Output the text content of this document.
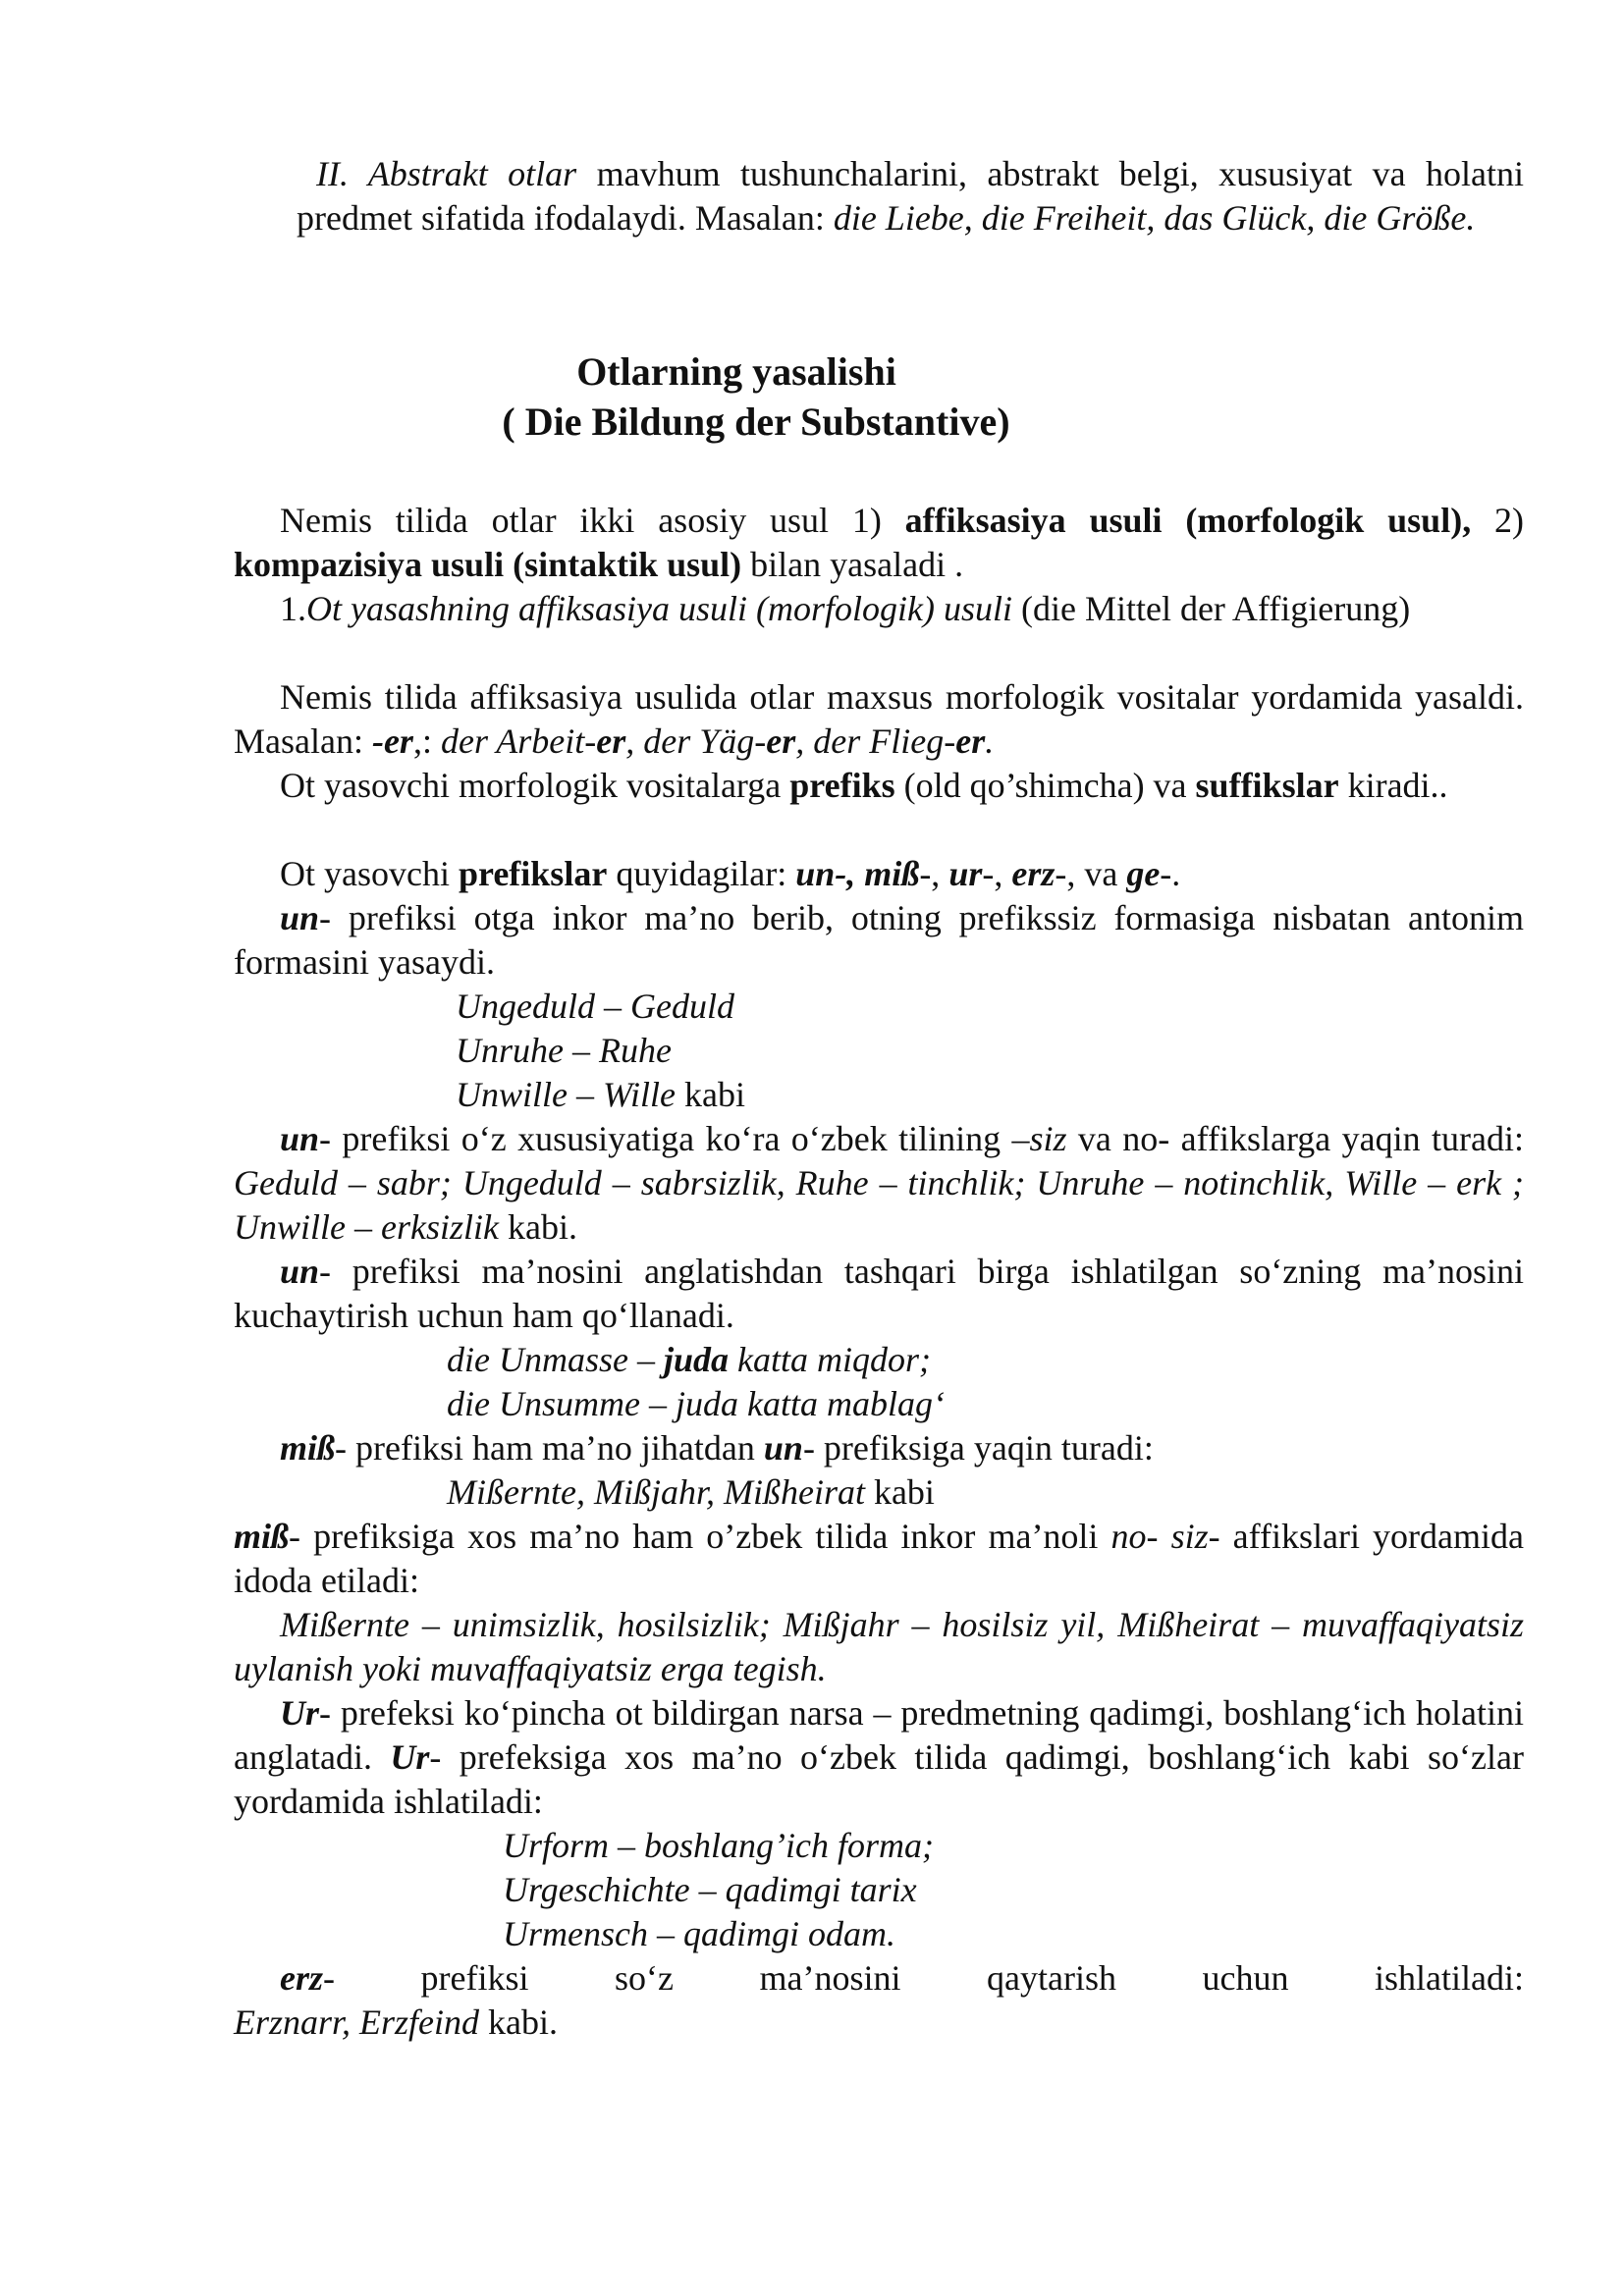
II. Abstrakt otlar mavhum tushunchalarini, abstrakt belgi, xususiyat va holatni predmet sifatida ifodalaydi. Masalan: die Liebe, die Freiheit, das Glück, die Größe.

Otlarning yasalishi
( Die Bildung der Substantive)

Nemis tilida otlar ikki asosiy usul 1) affiksasiya usuli (morfologik usul), 2) kompazisiya usuli (sintaktik usul) bilan yasaladi .

1.Ot yasashning affiksasiya usuli (morfologik) usuli (die Mittel der Affigierung)

Nemis tilida affiksasiya usulida otlar maxsus morfologik vositalar yordamida yasaldi. Masalan: -er,: der Arbeit-er, der Yäg-er, der Flieg-er.

Ot yasovchi morfologik vositalarga prefiks (old qo’shimcha) va suffikslar kiradi..

Ot yasovchi prefikslar quyidagilar: un-, miß-, ur-, erz-, va ge-.

un- prefiksi otga inkor ma’no berib, otning prefikssiz formasiga nisbatan antonim formasini yasaydi.

Ungeduld – Geduld
Unruhe – Ruhe
Unwille – Wille kabi

un- prefiksi o‘z xususiyatiga ko‘ra o‘zbek tilining –siz va no- affikslarga yaqin turadi: Geduld – sabr; Ungeduld – sabrsizlik, Ruhe – tinchlik; Unruhe – notinchlik, Wille – erk ; Unwille – erksizlik kabi.

un- prefiksi ma’nosini anglatishdan tashqari birga ishlatilgan so‘zning ma’nosini kuchaytirish uchun ham qo‘llanadi.

die Unmasse – juda katta miqdor;
die Unsumme – juda katta mablag‘

miß- prefiksi ham ma’no jihatdan un- prefiksiga yaqin turadi:

Mißernte, Mißjahr, Mißheirat kabi

miß- prefiksiga xos ma’no ham o’zbek tilida inkor ma’noli no- siz- affikslari yordamida idoda etiladi:

Mißernte – unimsizlik, hosilsizlik; Mißjahr – hosilsiz yil, Mißheirat – muvaffaqiyatsiz uylanish yoki muvaffaqiyatsiz erga tegish.

Ur- prefeksi ko‘pincha ot bildirgan narsa – predmetning qadimgi, boshlang‘ich holatini anglatadi. Ur- prefeksiga xos ma’no o‘zbek tilida qadimgi, boshlang‘ich kabi so‘zlar yordamida ishlatiladi:

Urform – boshlang’ich forma;
Urgeschichte – qadimgi tarix
Urmensch – qadimgi odam.
erz- prefiksi so‘z ma’nosini qaytarish uchun ishlatiladi:
Erznarr, Erzfeind kabi.
